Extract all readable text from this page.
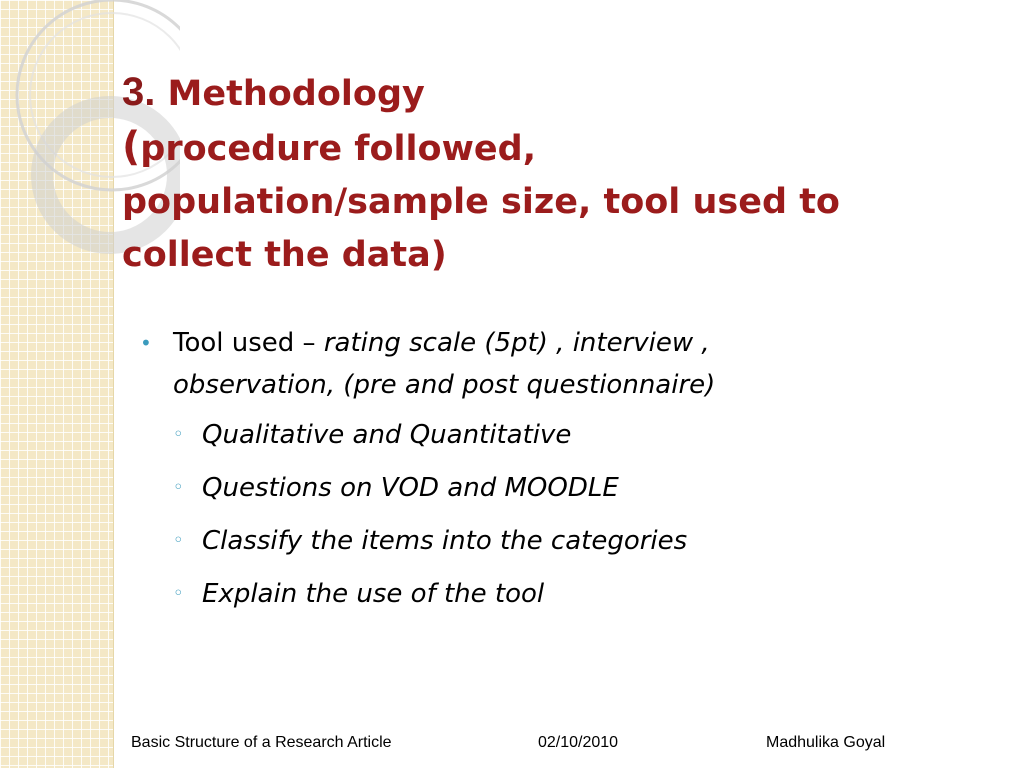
3. Methodology
(procedure followed,
population/sample size, tool used to
collect the data)
• Tool used – rating scale (5pt) , interview ,
observation, (pre and post questionnaire)
◦ Qualitative and Quantitative
◦ Questions on VOD and MOODLE
◦ Classify the items into the categories
◦ Explain the use of the tool
Basic Structure of a Research Article	02/10/2010	Madhulika Goyal
